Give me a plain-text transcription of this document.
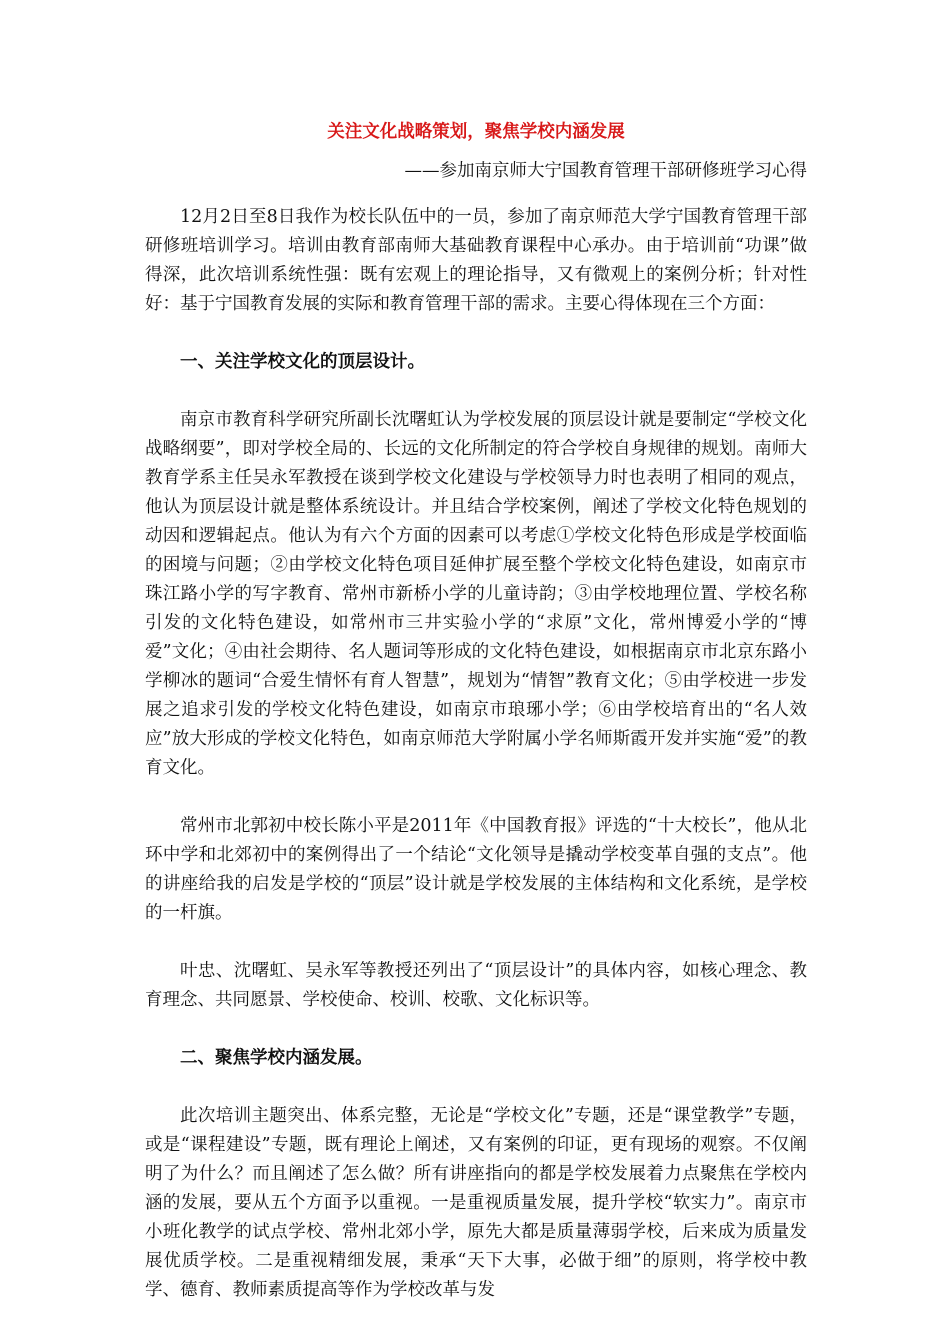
关注文化战略策划，聚焦学校内涵发展
——参加南京师大宁国教育管理干部研修班学习心得

12月2日至8日我作为校长队伍中的一员，参加了南京师范大学宁国教育管理干部研修班培训学习。培训由教育部南师大基础教育课程中心承办。由于培训前“功课”做得深，此次培训系统性强：既有宏观上的理论指导，又有微观上的案例分析；针对性好：基于宁国教育发展的实际和教育管理干部的需求。主要心得体现在三个方面：

一、关注学校文化的顶层设计。

南京市教育科学研究所副长沈曙虹认为学校发展的顶层设计就是要制定“学校文化战略纲要”，即对学校全局的、长远的文化所制定的符合学校自身规律的规划。南师大教育学系主任吴永军教授在谈到学校文化建设与学校领导力时也表明了相同的观点，他认为顶层设计就是整体系统设计。并且结合学校案例，阐述了学校文化特色规划的动因和逻辑起点。他认为有六个方面的因素可以考虑①学校文化特色形成是学校面临的困境与问题；②由学校文化特色项目延伸扩展至整个学校文化特色建设，如南京市珠江路小学的写字教育、常州市新桥小学的儿童诗韵；③由学校地理位置、学校名称引发的文化特色建设，如常州市三井实验小学的“求原”文化，常州博爱小学的“博爱”文化；④由社会期待、名人题词等形成的文化特色建设，如根据南京市北京东路小学柳冰的题词“合爱生情怀有育人智慧”，规划为“情智”教育文化；⑤由学校进一步发展之追求引发的学校文化特色建设，如南京市琅琊小学；⑥由学校培育出的“名人效应”放大形成的学校文化特色，如南京师范大学附属小学名师斯霞开发并实施“爱”的教育文化。

常州市北郭初中校长陈小平是2011年《中国教育报》评选的“十大校长”，他从北环中学和北郊初中的案例得出了一个结论“文化领导是撬动学校变革自强的支点”。他的讲座给我的启发是学校的“顶层”设计就是学校发展的主体结构和文化系统，是学校的一杆旗。

叶忠、沈曙虹、吴永军等教授还列出了“顶层设计”的具体内容，如核心理念、教育理念、共同愿景、学校使命、校训、校歌、文化标识等。

二、聚焦学校内涵发展。

此次培训主题突出、体系完整，无论是“学校文化”专题，还是“课堂教学”专题，或是“课程建设”专题，既有理论上阐述，又有案例的印证，更有现场的观察。不仅阐明了为什么？而且阐述了怎么做？所有讲座指向的都是学校发展着力点聚焦在学校内涵的发展，要从五个方面予以重视。一是重视质量发展，提升学校“软实力”。南京市小班化教学的试点学校、常州北郊小学，原先大都是质量薄弱学校，后来成为质量发展优质学校。二是重视精细发展，秉承“天下大事，必做于细”的原则，将学校中教学、德育、教师素质提高等作为学校改革与发
